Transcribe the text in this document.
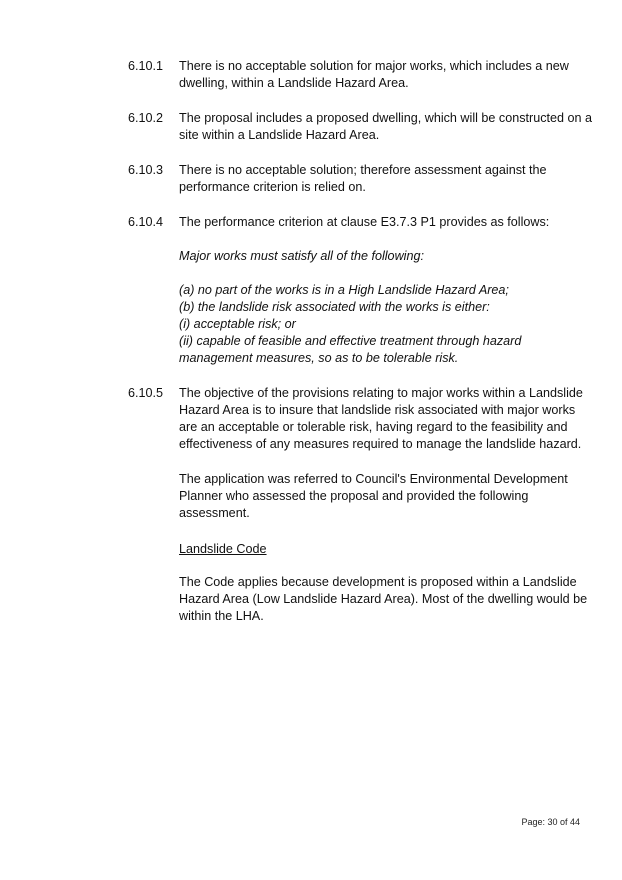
6.10.1 There is no acceptable solution for major works, which includes a new
dwelling, within a Landslide Hazard Area.
6.10.2 The proposal includes a proposed dwelling, which will be constructed on a
site within a Landslide Hazard Area.
6.10.3 There is no acceptable solution; therefore assessment against the
performance criterion is relied on.
6.10.4 The performance criterion at clause E3.7.3 P1 provides as follows:
Major works must satisfy all of the following:
(a) no part of the works is in a High Landslide Hazard Area;
(b) the landslide risk associated with the works is either:
(i) acceptable risk; or
(ii) capable of feasible and effective treatment through hazard
management measures, so as to be tolerable risk.
6.10.5 The objective of the provisions relating to major works within a Landslide
Hazard Area is to insure that landslide risk associated with major works
are an acceptable or tolerable risk, having regard to the feasibility and
effectiveness of any measures required to manage the landslide hazard.
The application was referred to Council's Environmental Development
Planner who assessed the proposal and provided the following
assessment.
Landslide Code
The Code applies because development is proposed within a Landslide
Hazard Area (Low Landslide Hazard Area). Most of the dwelling would be
within the LHA.
Page: 30 of 44
